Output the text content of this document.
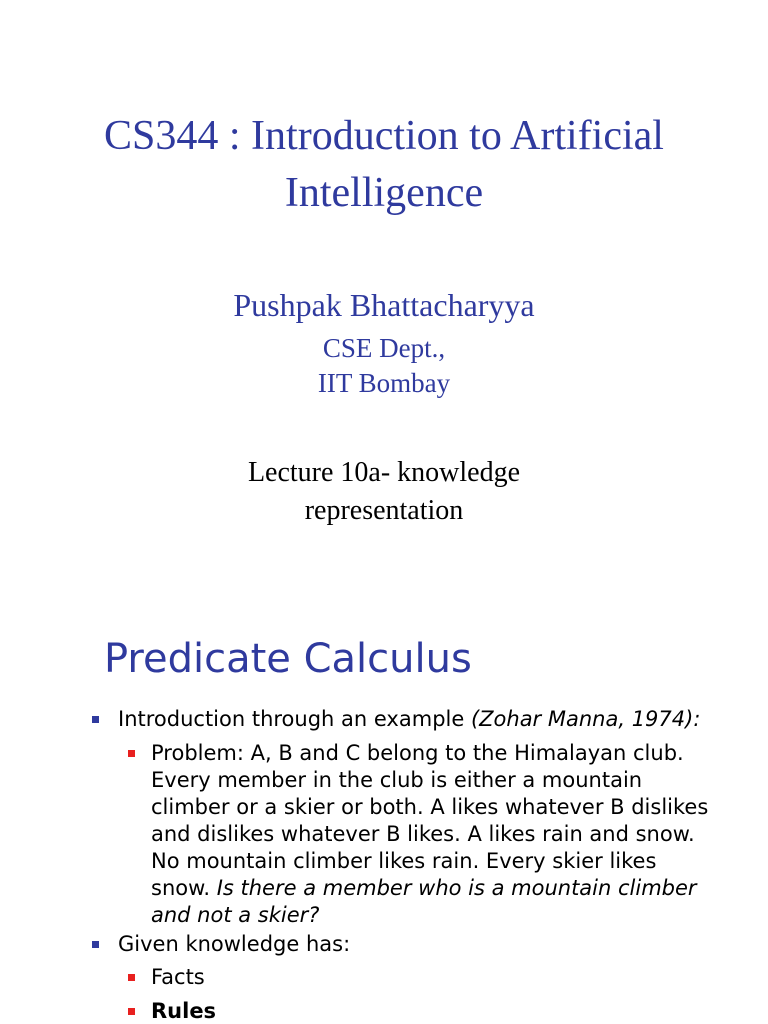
CS344 : Introduction to Artificial
Intelligence
Pushpak Bhattacharyya
CSE Dept.,
IIT Bombay
Lecture 10a- knowledge
representation
Predicate Calculus
Introduction through an example (Zohar Manna, 1974):
Problem: A, B and C belong to the Himalayan club.
Every member in the club is either a mountain
climber or a skier or both. A likes whatever B dislikes
and dislikes whatever B likes. A likes rain and snow.
No mountain climber likes rain. Every skier likes
snow. Is there a member who is a mountain climber
and not a skier?
Given knowledge has:
Facts
Rules
